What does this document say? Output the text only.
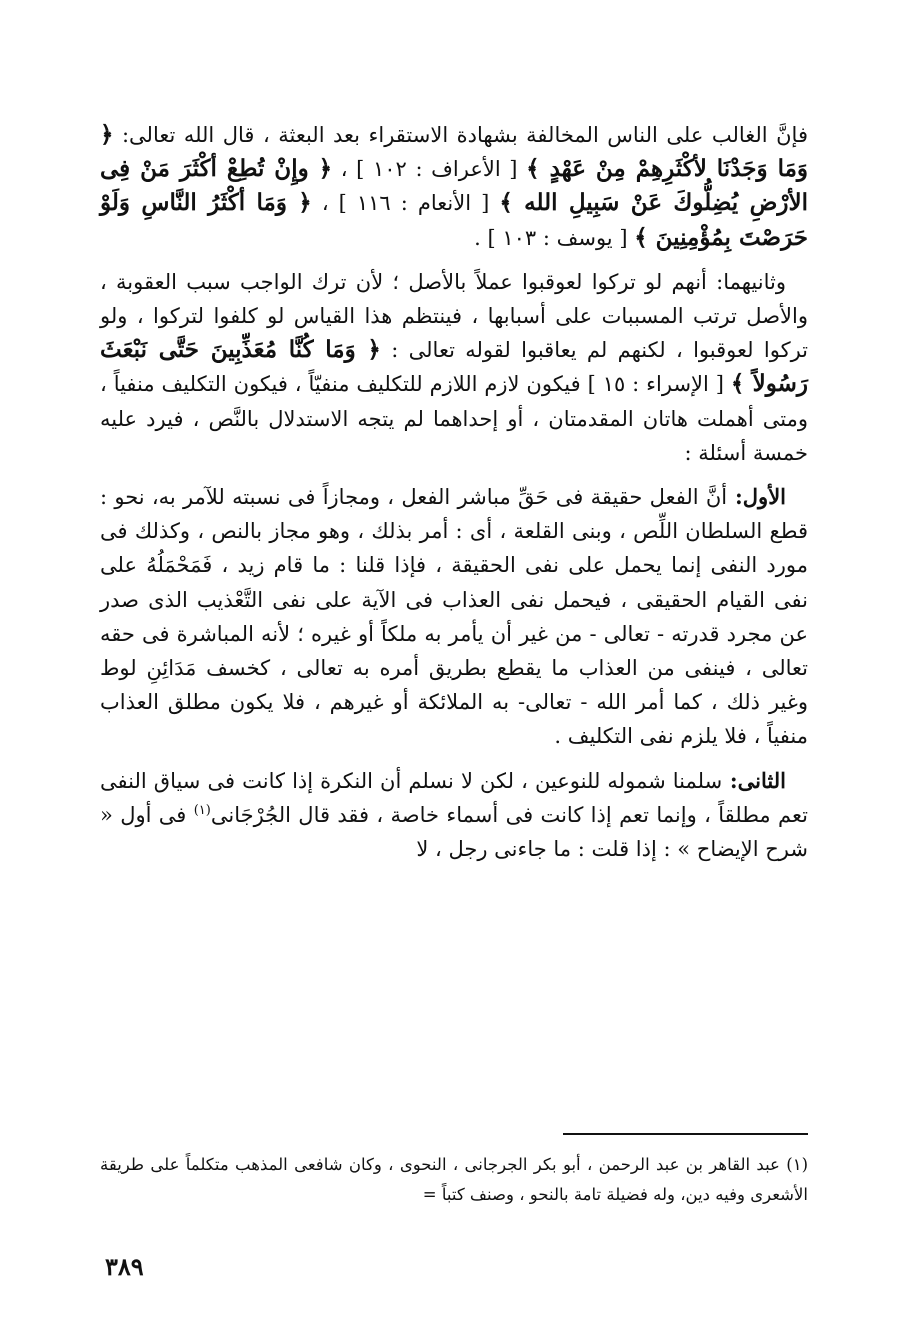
فإنَّ الغالب على الناس المخالفة بشهادة الاستقراء بعد البعثة ، قال الله تعالى: ﴿ وَمَا وَجَدْنَا لأكْثَرِهِمْ مِنْ عَهْدٍ ﴾ [ الأعراف : ١٠٢ ] ، ﴿ وإِنْ تُطِعْ أكْثَرَ مَنْ فِى الأرْضِ يُضِلُّوكَ عَنْ سَبِيلِ الله ﴾ [ الأنعام : ١١٦ ] ، ﴿ وَمَا أكْثَرُ النَّاسِ وَلَوْ حَرَصْتَ بِمُؤْمِنِينَ ﴾ [ يوسف : ١٠٣ ] .

وثانيهما: أنهم لو تركوا لعوقبوا عملاً بالأصل ؛ لأن ترك الواجب سبب العقوبة ، والأصل ترتب المسببات على أسبابها ، فينتظم هذا القياس لو كلفوا لتركوا ، ولو تركوا لعوقبوا ، لكنهم لم يعاقبوا لقوله تعالى : ﴿ وَمَا كُنَّا مُعَذِّبِينَ حَتَّى نَبْعَثَ رَسُولاً ﴾ [ الإسراء : ١٥ ] فيكون لازم اللازم للتكليف منفيّاً ، فيكون التكليف منفياً ، ومتى أهملت هاتان المقدمتان ، أو إحداهما لم يتجه الاستدلال بالنَّص ، فيرد عليه خمسة أسئلة :

الأول: أنَّ الفعل حقيقة فى حَقِّ مباشر الفعل ، ومجازاً فى نسبته للآمر به، نحو : قطع السلطان اللِّص ، وبنى القلعة ، أى : أمر بذلك ، وهو مجاز بالنص ، وكذلك فى مورد النفى إنما يحمل على نفى الحقيقة ، فإذا قلنا : ما قام زيد ، فَمَحْمَلُهُ على نفى القيام الحقيقى ، فيحمل نفى العذاب فى الآية على نفى التَّعْذيب الذى صدر عن مجرد قدرته - تعالى - من غير أن يأمر به ملكاً أو غيره ؛ لأنه المباشرة فى حقه تعالى ، فينفى من العذاب ما يقطع بطريق أمره به تعالى ، كخسف مَدَائِنِ لوط وغير ذلك ، كما أمر الله - تعالى- به الملائكة أو غيرهم ، فلا يكون مطلق العذاب منفياً ، فلا يلزم نفى التكليف .

الثانى: سلمنا شموله للنوعين ، لكن لا نسلم أن النكرة إذا كانت فى سياق النفى تعم مطلقاً ، وإنما تعم إذا كانت فى أسماء خاصة ، فقد قال الجُرْجَانى$^{(١)}$ فى أول « شرح الإيضاح » : إذا قلت : ما جاءنى رجل ، لا

(١) عبد القاهر بن عبد الرحمن ، أبو بكر الجرجانى ، النحوى ، وكان شافعى المذهب متكلماً على طريقة الأشعرى وفيه دين، وله فضيلة تامة بالنحو ، وصنف كتباً =
٣٨٩
